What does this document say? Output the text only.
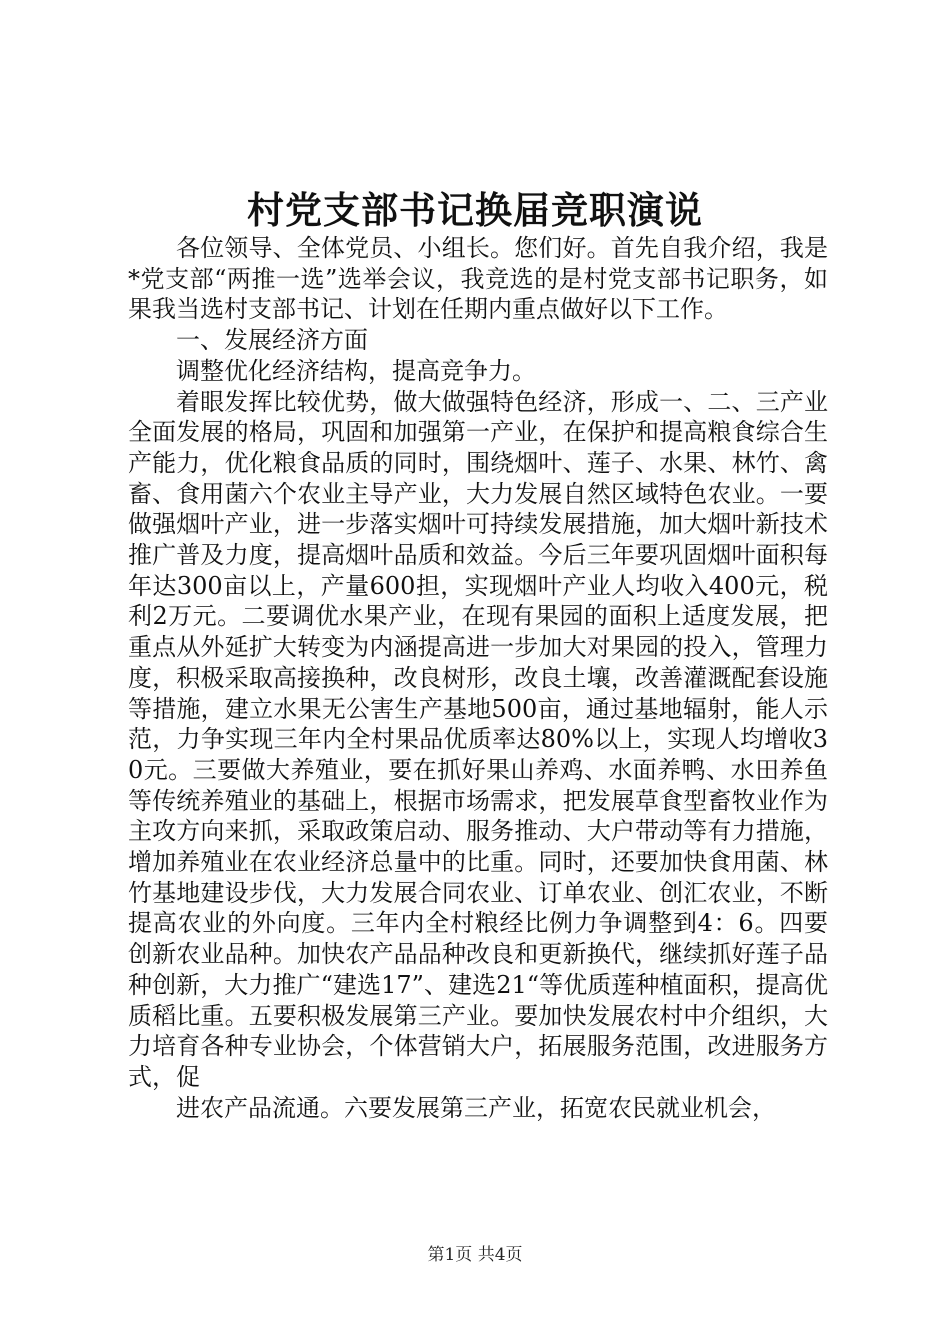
村党支部书记换届竞职演说

各位领导、全体党员、小组长。您们好。首先自我介绍，我是*党支部“两推一选”选举会议，我竞选的是村党支部书记职务，如果我当选村支部书记、计划在任期内重点做好以下工作。

一、发展经济方面

调整优化经济结构，提高竞争力。

着眼发挥比较优势，做大做强特色经济，形成一、二、三产业全面发展的格局，巩固和加强第一产业，在保护和提高粮食综合生产能力，优化粮食品质的同时，围绕烟叶、莲子、水果、林竹、禽畜、食用菌六个农业主导产业，大力发展自然区域特色农业。一要做强烟叶产业，进一步落实烟叶可持续发展措施，加大烟叶新技术推广普及力度，提高烟叶品质和效益。今后三年要巩固烟叶面积每年达300亩以上，产量600担，实现烟叶产业人均收入400元，税利2万元。二要调优水果产业，在现有果园的面积上适度发展，把重点从外延扩大转变为内涵提高进一步加大对果园的投入，管理力度，积极采取高接换种，改良树形，改良土壤，改善灌溉配套设施等措施，建立水果无公害生产基地500亩，通过基地辐射，能人示范，力争实现三年内全村果品优质率达80%以上，实现人均增收30元。三要做大养殖业，要在抓好果山养鸡、水面养鸭、水田养鱼等传统养殖业的基础上，根据市场需求，把发展草食型畜牧业作为主攻方向来抓，采取政策启动、服务推动、大户带动等有力措施，增加养殖业在农业经济总量中的比重。同时，还要加快食用菌、林竹基地建设步伐，大力发展合同农业、订单农业、创汇农业，不断提高农业的外向度。三年内全村粮经比例力争调整到4：6。四要创新农业品种。加快农产品品种改良和更新换代，继续抓好莲子品种创新，大力推广“建选17”、建选21“等优质莲种植面积，提高优质稻比重。五要积极发展第三产业。要加快发展农村中介组织，大力培育各种专业协会，个体营销大户，拓展服务范围，改进服务方式，促

进农产品流通。六要发展第三产业，拓宽农民就业机会，

第1页 共4页
